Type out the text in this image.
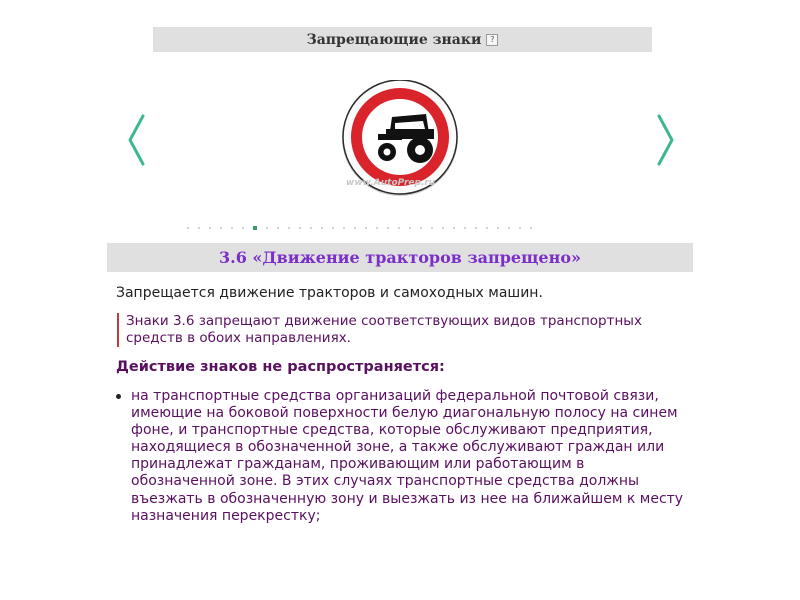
Запрещающие знаки	?
www.AutoPrep.ru
3.6 «Движение тракторов запрещено»
Запрещается движение тракторов и самоходных машин.
Знаки 3.6 запрещают движение соответствующих видов транспортных средств в обоих направлениях.
Действие знаков не распространяется:
на транспортные средства организаций федеральной почтовой связи, имеющие на боковой поверхности белую диагональную полосу на синем фоне, и транспортные средства, которые обслуживают предприятия, находящиеся в обозначенной зоне, а также обслуживают граждан или принадлежат гражданам, проживающим или работающим в обозначенной зоне. В этих случаях транспортные средства должны въезжать в обозначенную зону и выезжать из нее на ближайшем к месту назначения перекрестку;
